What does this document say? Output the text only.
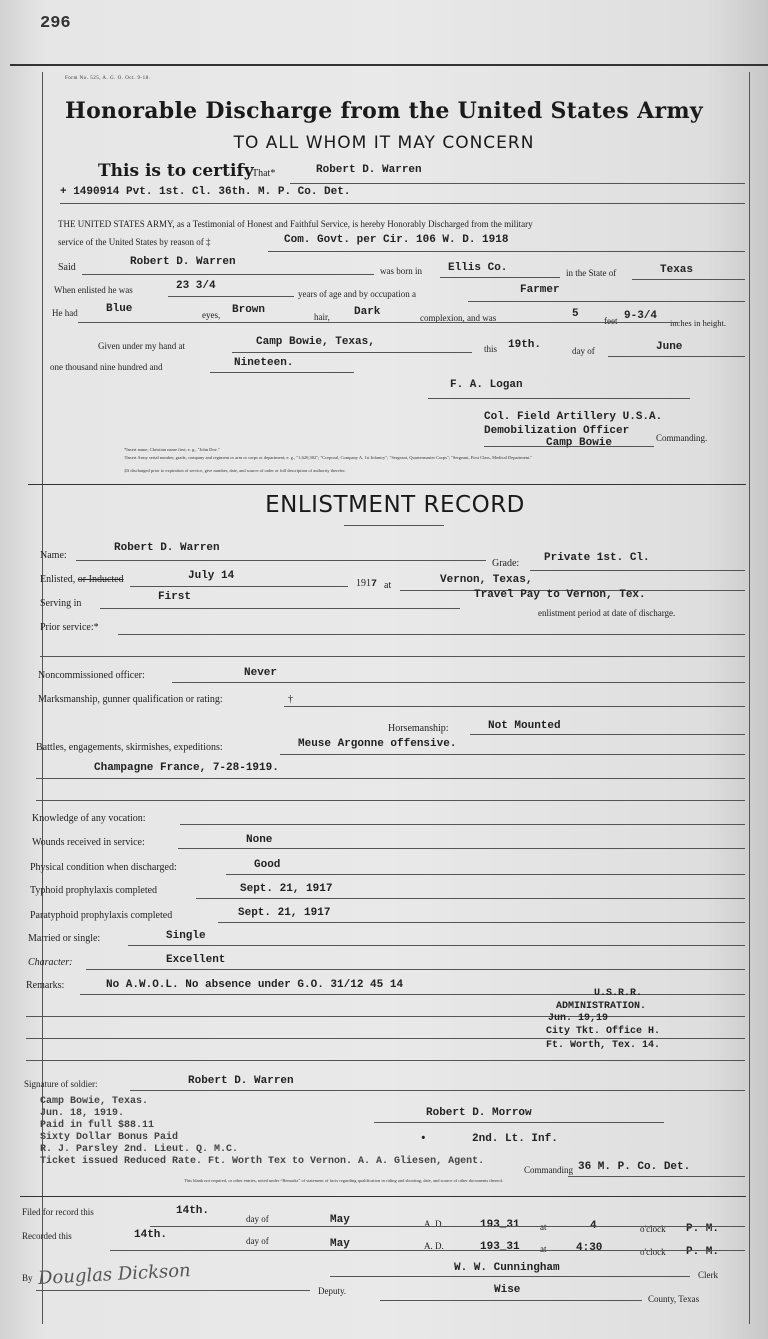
296
Form No. 525, A. G. O. Oct. 9-18.
Honorable Discharge from the United States Army
TO ALL WHOM IT MAY CONCERN
This is to certify
That*	Robert D. Warren
+ 1490914 Pvt. 1st. Cl. 36th. M. P. Co. Det.
THE UNITED STATES ARMY, as a Testimonial of Honest and Faithful Service, is hereby Honorably Discharged from the military
service of the United States by reason of ‡	Com. Govt. per Cir. 106 W. D. 1918
Said	Robert D. Warren
was born in Ellis Co.	in the State of	Texas
When enlisted he was	23 3/4
years of age and by occupation a	Farmer
He had	Blue	eyes, Brown
hair, Dark	complexion, and was	5
feet 9-3/4
inches in height.
Given under my hand at	Camp Bowie, Texas,
this 19th.	day of	June
one thousand nine hundred and	Nineteen.
F. A. Logan
Col. Field Artillery U.S.A.
Demobilization Officer
Camp Bowie	Commanding.
*Insert name, Christian name first; e. g., "John Doe."
†Insert Army serial number, grade, company and regiment or arm or corps or department; e. g., "1,620,302"; "Corporal, Company A, 1st Infantry"; "Sergeant, Quartermaster Corps"; "Sergeant, First Class, Medical Department."
‡If discharged prior to expiration of service, give number, date, and source of order or full description of authority therefor.
ENLISTMENT RECORD
Name:
Robert D. Warren
Grade: Private 1st. Cl.
Enlisted, or Inducted	July 14
1917 at	Vernon, Texas,
Travel Pay to Vernon, Tex.
Serving in
First
enlistment period at date of discharge.
Prior service:*
Noncommissioned officer:	Never
Marksmanship, gunner qualification or rating:	†
Horsemanship:	Not Mounted
Battles, engagements, skirmishes, expeditions:	Meuse Argonne offensive.
Champagne France, 7-28-1919.
Knowledge of any vocation:
Wounds received in service:	None
Physical condition when discharged:	Good
Typhoid prophylaxis completed	Sept. 21, 1917
Paratyphoid prophylaxis completed	Sept. 21, 1917
Married or single:	Single
Character:	Excellent
Remarks:	No A.W.O.L. No absence under G.O. 31/12 45 14
U.S.R.R.
ADMINISTRATION.
Jun. 19,19
City Tkt. Office H.
Ft. Worth, Tex. 14.
Signature of soldier:	Robert D. Warren
Camp Bowie, Texas.
Jun. 18, 1919.
Paid in full $88.11
Sixty Dollar Bonus Paid
R. J. Parsley 2nd. Lieut. Q. M.C.
Ticket issued Reduced Rate. Ft. Worth Tex to Vernon. A. A. Gliesen, Agent.
Robert D. Morrow
•	2nd. Lt. Inf.
Commanding 36 M. P. Co. Det.
This blank not required, or other entries, noted under “Remarks” of statement of facts regarding qualification in riding and shooting, date, and source of other documents thereof.
Filed for record this	14th.
day of	May	A. D.	193_31 at	4	o'clock P. M.
Recorded this	14th.	day of	May	A. D.	193_31 at	4:30	o'clock P. M.
W. W. Cunningham
Clerk
By Douglas Dickson
Deputy.	Wise
County, Texas
